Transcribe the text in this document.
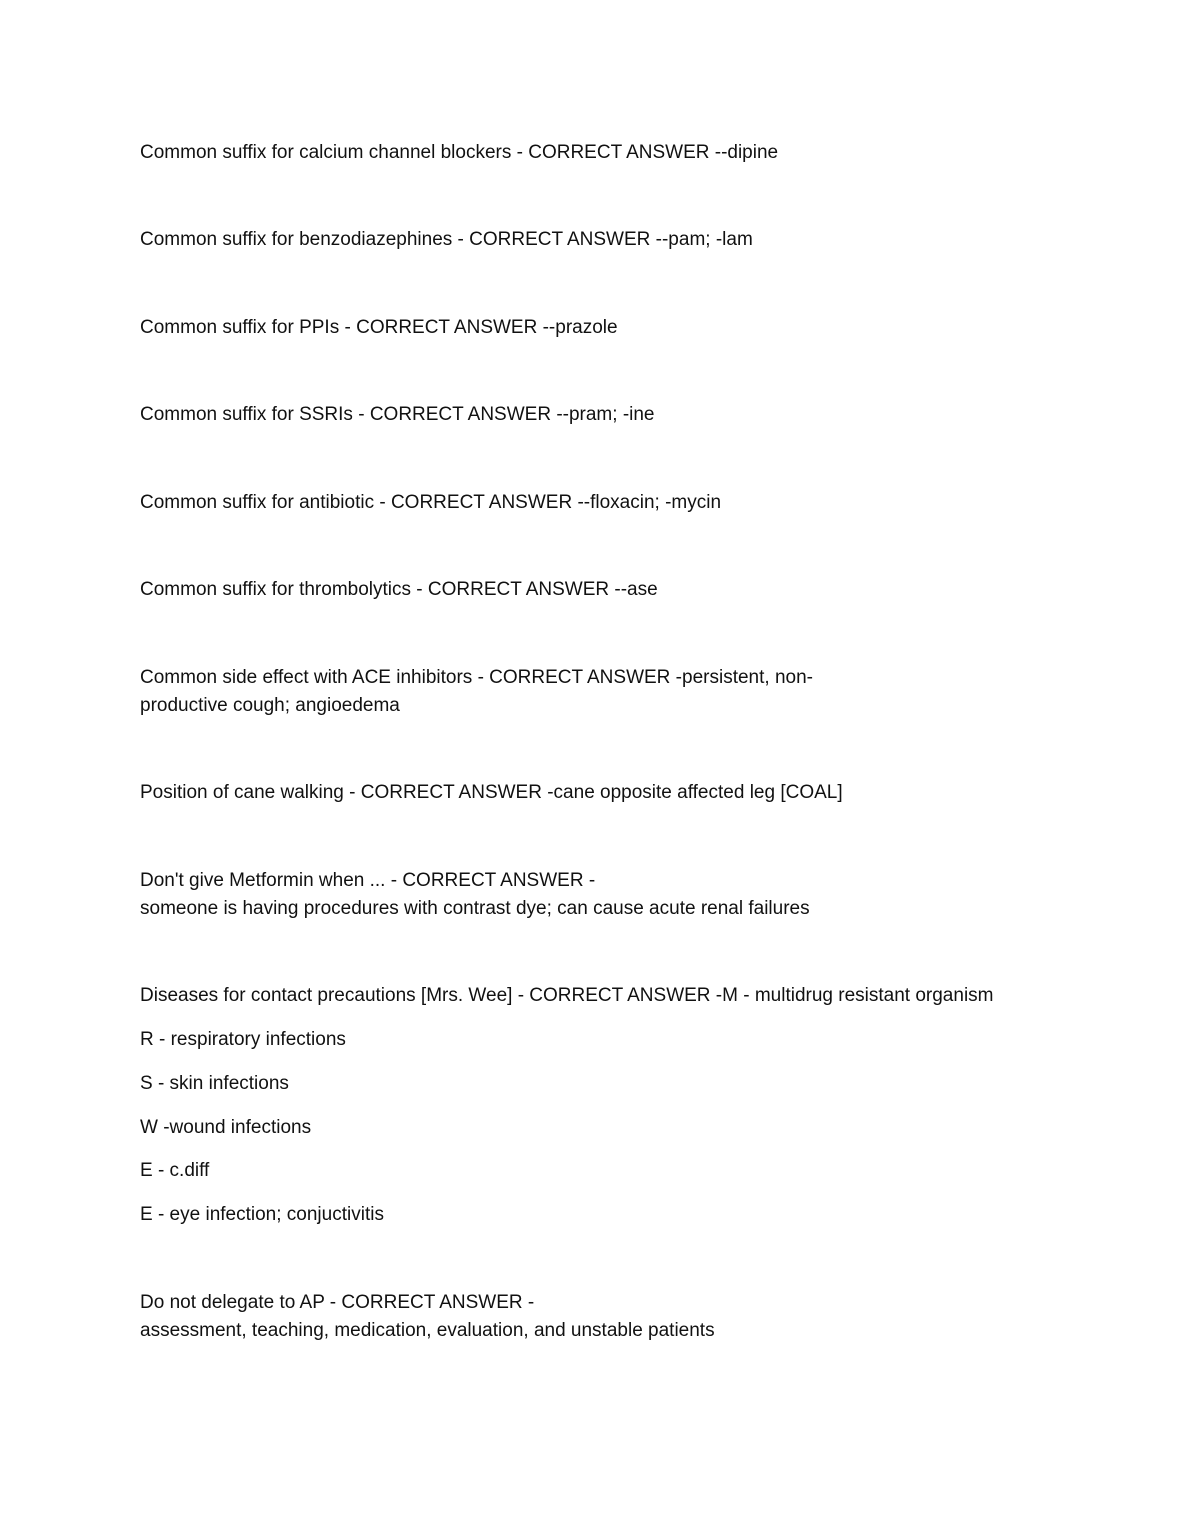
Common suffix for calcium channel blockers - CORRECT ANSWER --dipine
Common suffix for benzodiazephines - CORRECT ANSWER --pam; -lam
Common suffix for PPIs - CORRECT ANSWER --prazole
Common suffix for SSRIs - CORRECT ANSWER --pram; -ine
Common suffix for antibiotic - CORRECT ANSWER --floxacin; -mycin
Common suffix for thrombolytics - CORRECT ANSWER --ase
Common side effect with ACE inhibitors - CORRECT ANSWER -persistent, non-
productive cough; angioedema
Position of cane walking - CORRECT ANSWER -cane opposite affected leg [COAL]
Don't give Metformin when ... - CORRECT ANSWER -
someone is having procedures with contrast dye; can cause acute renal failures
Diseases for contact precautions [Mrs. Wee] - CORRECT ANSWER -M - multidrug resistant organism
R - respiratory infections
S - skin infections
W -wound infections
E - c.diff
E - eye infection; conjuctivitis
Do not delegate to AP - CORRECT ANSWER -
assessment, teaching, medication, evaluation, and unstable patients
